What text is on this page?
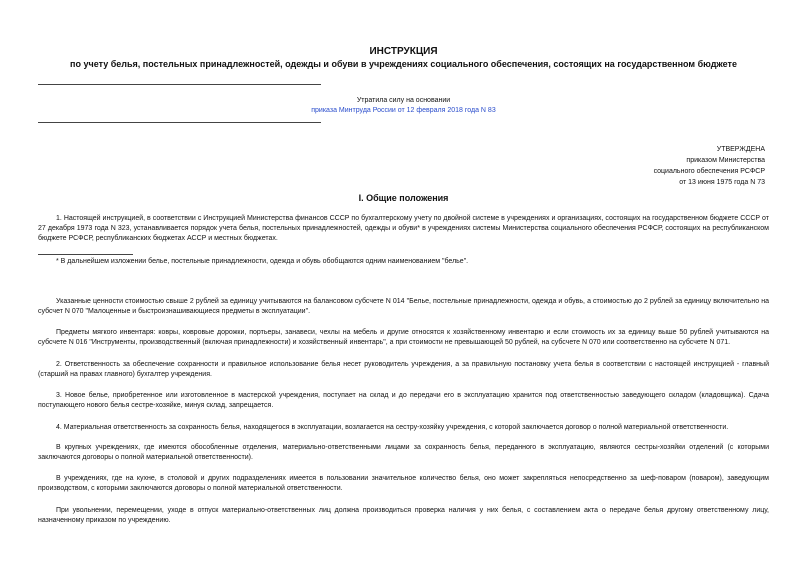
ИНСТРУКЦИЯ
по учету белья, постельных принадлежностей, одежды и обуви в учреждениях социального обеспечения, состоящих на государственном бюджете
Утратила силу на основании
приказа Минтруда России от 12 февраля 2018 года N 83
УТВЕРЖДЕНА
приказом Министерства
социального обеспечения РСФСР
от 13 июня 1975 года N 73
I. Общие положения
1. Настоящей инструкцией, в соответствии с Инструкцией Министерства финансов СССР по бухгалтерскому учету по двойной системе в учреждениях и организациях, состоящих на государственном бюджете СССР от 27 декабря 1973 года N 323, устанавливается порядок учета белья, постельных принадлежностей, одежды и обуви* в учреждениях системы Министерства социального обеспечения РСФСР, состоящих на республиканском бюджете РСФСР, республиканских бюджетах АССР и местных бюджетах.
* В дальнейшем изложении белье, постельные принадлежности, одежда и обувь обобщаются одним наименованием "белье".
Указанные ценности стоимостью свыше 2 рублей за единицу учитываются на балансовом субсчете N 014 "Белье, постельные принадлежности, одежда и обувь, а стоимостью до 2 рублей за единицу включительно на субсчет N 070 "Малоценные и быстроизнашивающиеся предметы в эксплуатации".
Предметы мягкого инвентаря: ковры, ковровые дорожки, портьеры, занавеси, чехлы на мебель и другие относятся к хозяйственному инвентарю и если стоимость их за единицу выше 50 рублей учитываются на субсчете N 016 "Инструменты, производственный (включая принадлежности) и хозяйственный инвентарь", а при стоимости не превышающей 50 рублей, на субсчете N 070 или соответственно на субсчете N 071.
2. Ответственность за обеспечение сохранности и правильное использование белья несет руководитель учреждения, а за правильную постановку учета белья в соответствии с настоящей инструкцией - главный (старший на правах главного) бухгалтер учреждения.
3. Новое белье, приобретенное или изготовленное в мастерской учреждения, поступает на склад и до передачи его в эксплуатацию хранится под ответственностью заведующего складом (кладовщика). Сдача поступающего нового белья сестре-хозяйке, минуя склад, запрещается.
4. Материальная ответственность за сохранность белья, находящегося в эксплуатации, возлагается на сестру-хозяйку учреждения, с которой заключается договор о полной материальной ответственности.
В крупных учреждениях, где имеются обособленные отделения, материально-ответственными лицами за сохранность белья, переданного в эксплуатацию, являются сестры-хозяйки отделений (с которыми заключаются договоры о полной материальной ответственности).
В учреждениях, где на кухне, в столовой и других подразделениях имеется в пользовании значительное количество белья, оно может закрепляться непосредственно за шеф-поваром (поваром), заведующим производством, с которыми заключаются договоры о полной материальной ответственности.
При увольнении, перемещении, уходе в отпуск материально-ответственных лиц должна производиться проверка наличия у них белья, с составлением акта о передаче белья другому ответственному лицу, назначенному приказом по учреждению.
